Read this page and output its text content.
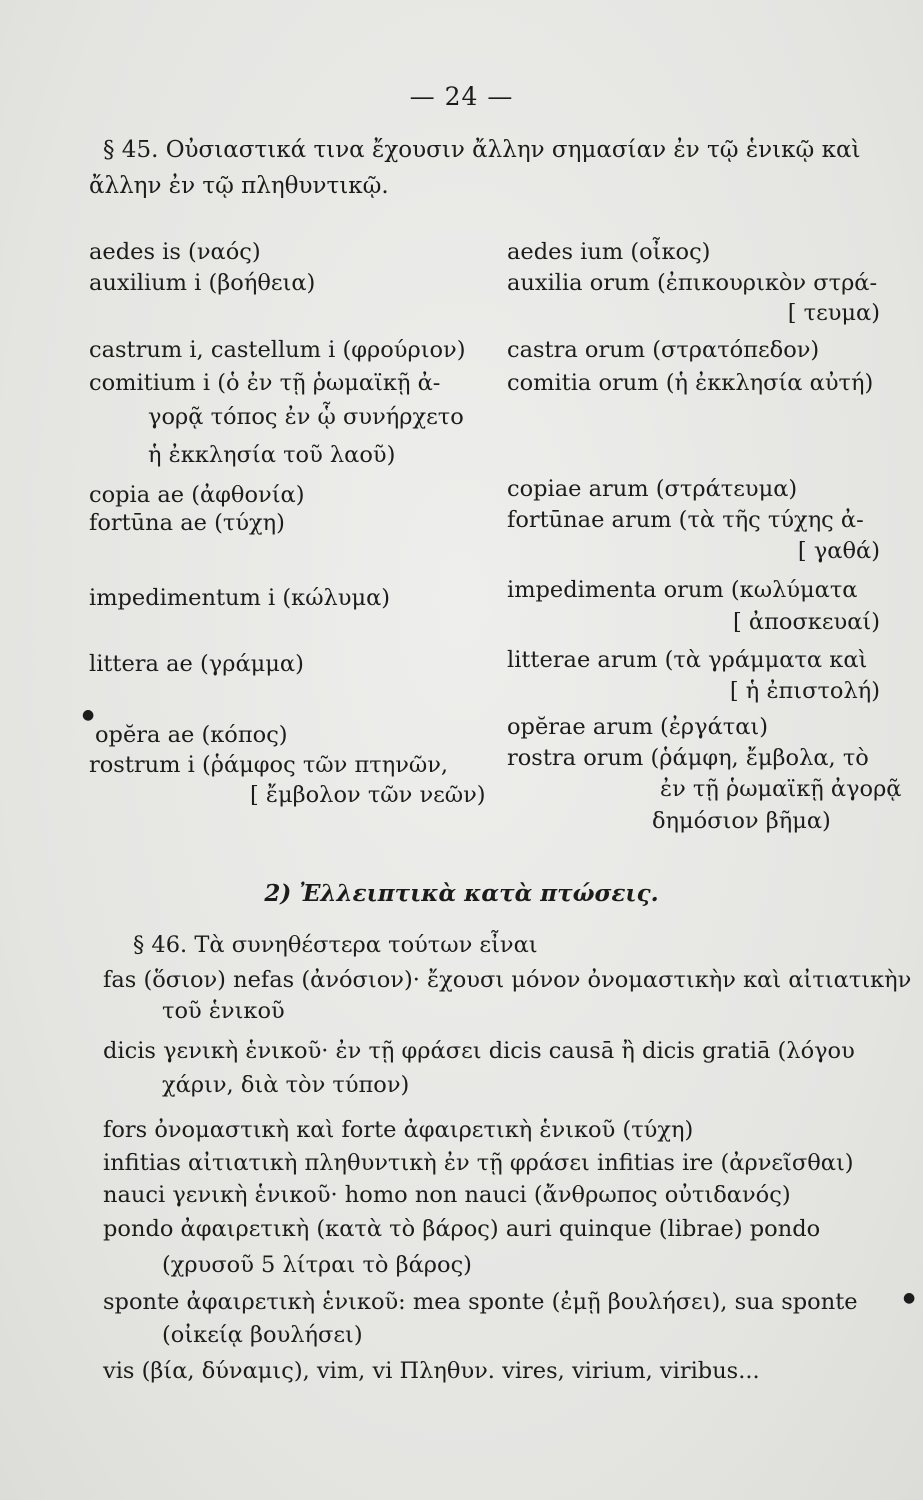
— 24 —
§ 45. Οὐσιαστικά τινα ἔχουσιν ἄλλην σημασίαν ἐν τῷ ἑνικῷ καὶ
ἄλλην ἐν τῷ πληθυντικῷ.
aedes is (ναός)	aedes ium (οἶκος)
auxilium i (βοήθεια)	auxilia orum (ἐπικουρικὸν στρά-
[ τευμα)
castrum i, castellum i (φρούριον) castra orum (στρατόπεδον)
comitium i (ὁ ἐν τῇ ῥωμαϊκῇ ἀ-	comitia orum (ἡ ἐκκλησία αὐτή)
γορᾷ τόπος ἐν ᾧ συνήρχετο
ἡ ἐκκλησία τοῦ λαοῦ)
copia ae (ἀφθονία)	copiae arum (στράτευμα)
fortūna ae (τύχη)	fortūnae arum (τὰ τῆς τύχης ἀ-
[ γαθά)
impedimentum i (κώλυμα)	impedimenta orum (κωλύματα
[ ἀποσκευαί)
littera ae (γράμμα)	litterae arum (τὰ γράμματα καὶ
[ ἡ ἐπιστολή)
●
opĕra ae (κόπος)	opĕrae arum (ἐργάται)
rostrum i (ῥάμφος τῶν πτηνῶν,	rostra orum (ῥάμφη, ἔμβολα, τὸ
[ ἔμβολον τῶν νεῶν)	ἐν τῇ ῥωμαϊκῇ ἀγορᾷ
δημόσιον βῆμα)
2) Ἐλλειπτικὰ κατὰ πτώσεις.
§ 46. Τὰ συνηθέστερα τούτων εἶναι
fas (ὅσιον) nefas (ἀνόσιον)· ἔχουσι μόνον ὀνομαστικὴν καὶ αἰτιατικὴν
τοῦ ἑνικοῦ
dicis γενικὴ ἑνικοῦ· ἐν τῇ φράσει dicis causā ἢ dicis gratiā (λόγου
χάριν, διὰ τὸν τύπον)
fors ὀνομαστικὴ καὶ forte ἀφαιρετικὴ ἑνικοῦ (τύχη)
infitias αἰτιατικὴ πληθυντικὴ ἐν τῇ φράσει infitias ire (ἀρνεῖσθαι)
nauci γενικὴ ἑνικοῦ· homo non nauci (ἄνθρωπος οὐτιδανός)
pondo ἀφαιρετικὴ (κατὰ τὸ βάρος) auri quinque (librae) pondo
(χρυσοῦ 5 λίτραι τὸ βάρος)
●
sponte ἀφαιρετικὴ ἑνικοῦ: mea sponte (ἐμῇ βουλήσει), sua sponte
(οἰκείᾳ βουλήσει)
vis (βία, δύναμις), vim, vi Πληθυν. vires, virium, viribus...
